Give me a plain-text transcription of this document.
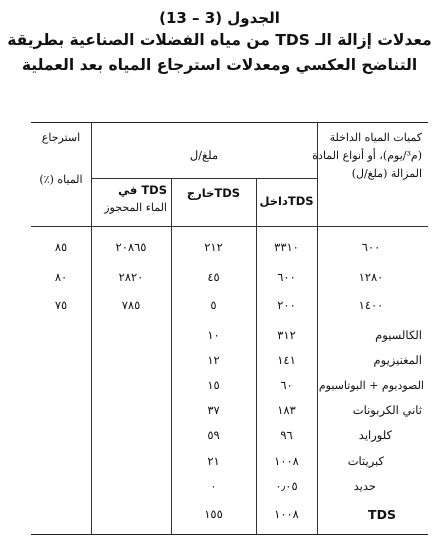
الجدول (3 – 13)
معدلات إزالة الـ TDS من مياه الفضلات الصناعية بطريقة
التناضح العكسي ومعدلات استرجاع المياه بعد العملية
كميات المياه الداخلة
(م³/يوم)، أو أنواع المادة
المزالة (ملغ/ل)
ملغ/ل
TDSداخل
TDSخارج
TDS في
الماء المحجوز
استرجاع
المياه (٪)
٦٠٠
٣٣١٠
٢١٢
٢٠٨٦٥
٨٥
١٢٨٠
٦٠٠
٤٥
٢٨٢٠
٨٠
١٤٠٠
٢٠٠
٥
٧٨٥
٧٥
الكالسيوم
٣١٢
١٠
المغنيزيوم
١٤١
١٢
الصوديوم + البوتاسيوم
٦٠
١٥
ثاني الكربونات
١٨٣
٣٧
كلورايد
٩٦
٥٩
كبريتات
١٠٠٨
٢١
حديد
٠٫٠٥
٠
TDS
١٠٠٨
١٥٥
